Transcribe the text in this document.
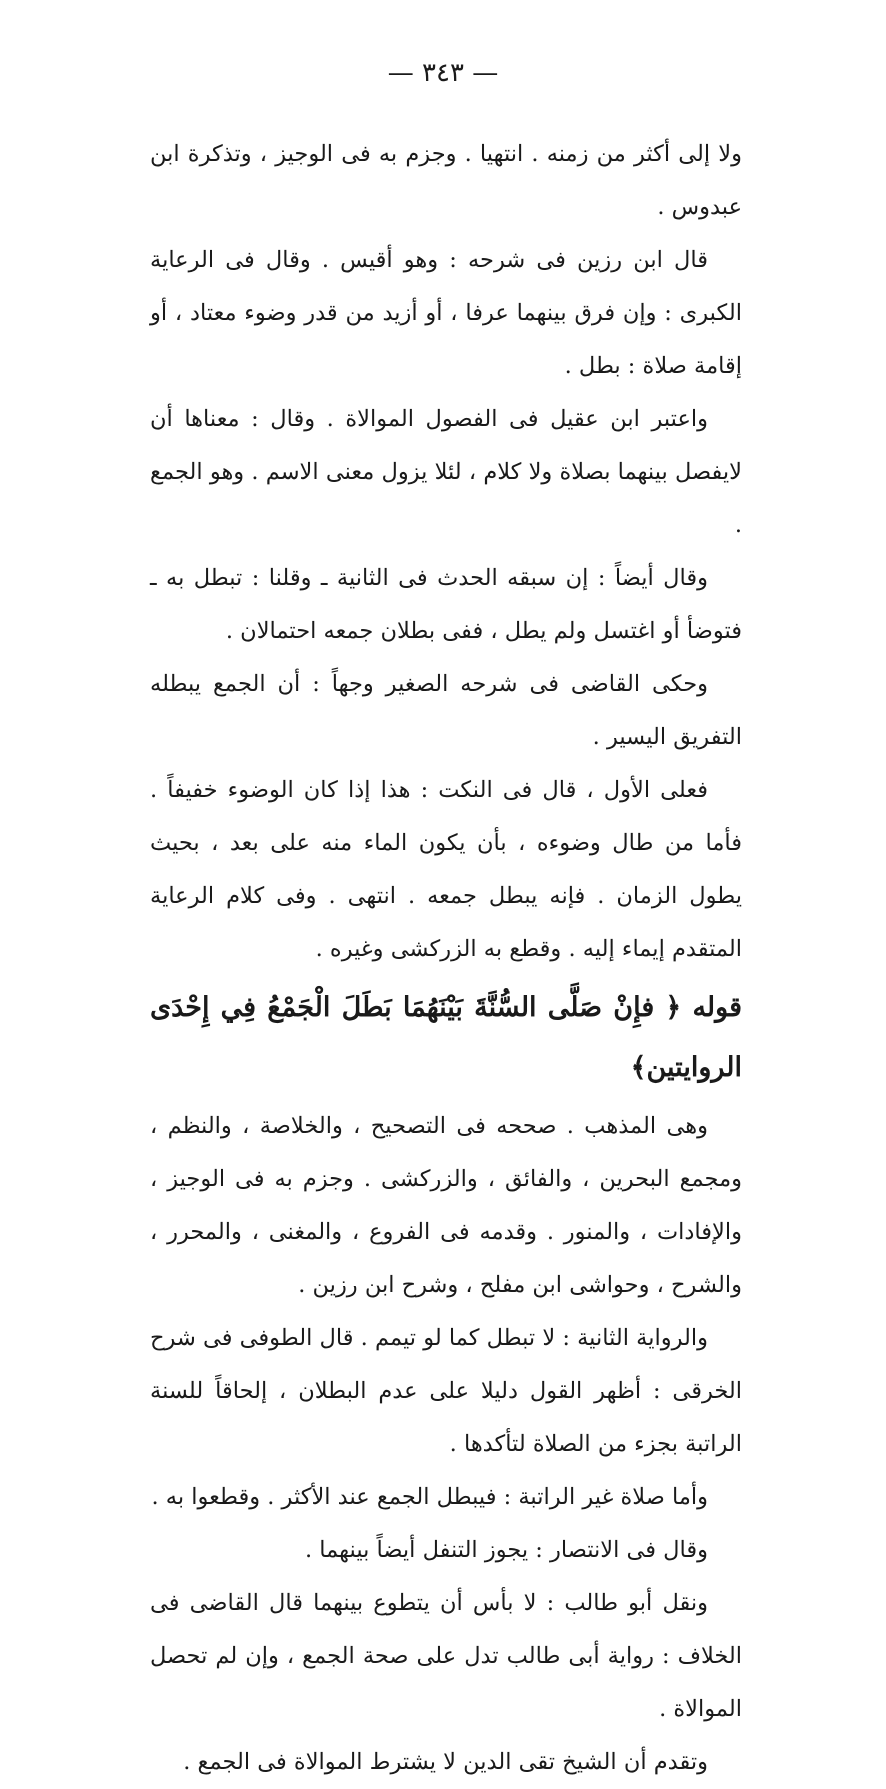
— ٣٤٣ —

ولا إلى أكثر من زمنه . انتهيا . وجزم به فى الوجيز ، وتذكرة ابن عبدوس .

قال ابن رزين فى شرحه : وهو أقيس . وقال فى الرعاية الكبرى : وإن فرق بينهما عرفا ، أو أزيد من قدر وضوء معتاد ، أو إقامة صلاة : بطل .

واعتبر ابن عقيل فى الفصول الموالاة . وقال : معناها أن لايفصل بينهما بصلاة ولا كلام ، لئلا يزول معنى الاسم . وهو الجمع .

وقال أيضاً : إن سبقه الحدث فى الثانية ـ وقلنا : تبطل به ـ فتوضأ أو اغتسل ولم يطل ، ففى بطلان جمعه احتمالان .

وحكى القاضى فى شرحه الصغير وجهاً : أن الجمع يبطله التفريق اليسير .

فعلى الأول ، قال فى النكت : هذا إذا كان الوضوء خفيفاً . فأما من طال وضوءه ، بأن يكون الماء منه على بعد ، بحيث يطول الزمان . فإنه يبطل جمعه . انتهى . وفى كلام الرعاية المتقدم إيماء إليه . وقطع به الزركشى وغيره .

قوله ﴿ فإِنْ صَلَّى السُّنَّةَ بَيْنَهُمَا بَطَلَ الْجَمْعُ فِي إِحْدَى الروايتين﴾

وهى المذهب . صححه فى التصحيح ، والخلاصة ، والنظم ، ومجمع البحرين ، والفائق ، والزركشى . وجزم به فى الوجيز ، والإفادات ، والمنور . وقدمه فى الفروع ، والمغنى ، والمحرر ، والشرح ، وحواشى ابن مفلح ، وشرح ابن رزين .

والرواية الثانية : لا تبطل كما لو تيمم . قال الطوفى فى شرح الخرقى : أظهر القول دليلا على عدم البطلان ، إلحاقاً للسنة الراتبة بجزء من الصلاة لتأكدها .

وأما صلاة غير الراتبة : فيبطل الجمع عند الأكثر . وقطعوا به .

وقال فى الانتصار : يجوز التنفل أيضاً بينهما .

ونقل أبو طالب : لا بأس أن يتطوع بينهما قال القاضى فى الخلاف : رواية أبى طالب تدل على صحة الجمع ، وإن لم تحصل الموالاة .

وتقدم أن الشيخ تقى الدين لا يشترط الموالاة فى الجمع .
